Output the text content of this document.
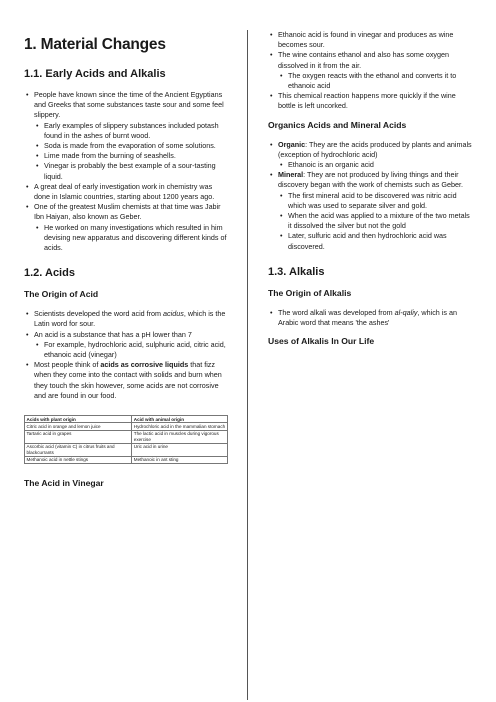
1. Material Changes
1.1. Early Acids and Alkalis
• People have known since the time of the Ancient Egyptians and Greeks that some substances taste sour and some feel slippery.
• Early examples of slippery substances included potash found in the ashes of burnt wood.
• Soda is made from the evaporation of some solutions.
• Lime made from the burning of seashells.
• Vinegar is probably the best example of a sour-tasting liquid.
• A great deal of early investigation work in chemistry was done in Islamic countries, starting about 1200 years ago.
• One of the greatest Muslim chemists at that time was Jabir Ibn Haiyan, also known as Geber.
• He worked on many investigations which resulted in him devising new apparatus and discovering different kinds of acids.
1.2. Acids
The Origin of Acid
• Scientists developed the word acid from acidus, which is the Latin word for sour.
• An acid is a substance that has a pH lower than 7
• For example, hydrochloric acid, sulphuric acid, citric acid, ethanoic acid (vinegar)
• Most people think of acids as corrosive liquids that fizz when they come into the contact with solids and burn when they touch the skin however, some acids are not corrosive and are found in our food.
Acids with plant origin	Acid with animal origin
Citric acid in orange and lemon juice	Hydrochloric acid in the mammalian stomach
Tartaric acid in grapes	The lactic acid in muscles during vigorous exercise
Ascorbic acid (vitamin C) in citrus fruits and blackcurrants	Uric acid in urine
Methanoic acid in nettle stings	Methanoic in ant sting
The Acid in Vinegar
• Ethanoic acid is found in vinegar and produces as wine becomes sour.
• The wine contains ethanol and also has some oxygen dissolved in it from the air.
• The oxygen reacts with the ethanol and converts it to ethanoic acid
• This chemical reaction happens more quickly if the wine bottle is left uncorked.
Organics Acids and Mineral Acids
• Organic: They are the acids produced by plants and animals (exception of hydrochloric acid)
• Ethanoic is an organic acid
• Mineral: They are not produced by living things and their discovery began with the work of chemists such as Geber.
• The first mineral acid to be discovered was nitric acid which was used to separate silver and gold.
• When the acid was applied to a mixture of the two metals it dissolved the silver but not the gold
• Later, sulfuric acid and then hydrochloric acid was discovered.
1.3. Alkalis
The Origin of Alkalis
• The word alkali was developed from al-qaliy, which is an Arabic word that means 'the ashes'
Uses of Alkalis In Our Life
